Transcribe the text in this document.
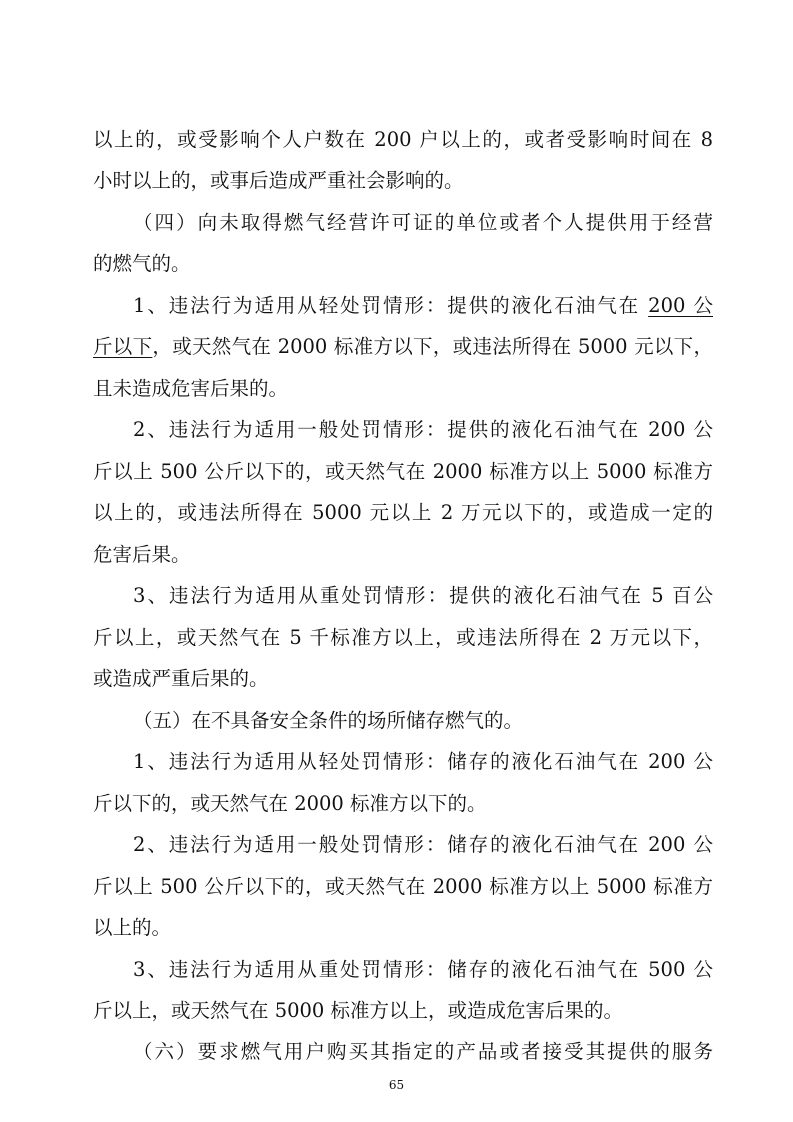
以上的，或受影响个人户数在 200 户以上的，或者受影响时间在 8
小时以上的，或事后造成严重社会影响的。
（四）向未取得燃气经营许可证的单位或者个人提供用于经营
的燃气的。
1、违法行为适用从轻处罚情形：提供的液化石油气在 200 公
斤以下，或天然气在 2000 标准方以下，或违法所得在 5000 元以下，
且未造成危害后果的。
2、违法行为适用一般处罚情形：提供的液化石油气在 200 公
斤以上 500 公斤以下的，或天然气在 2000 标准方以上 5000 标准方
以上的，或违法所得在 5000 元以上 2 万元以下的，或造成一定的
危害后果。
3、违法行为适用从重处罚情形：提供的液化石油气在 5 百公
斤以上，或天然气在 5 千标准方以上，或违法所得在 2 万元以下，
或造成严重后果的。
（五）在不具备安全条件的场所储存燃气的。
1、违法行为适用从轻处罚情形：储存的液化石油气在 200 公
斤以下的，或天然气在 2000 标准方以下的。
2、违法行为适用一般处罚情形：储存的液化石油气在 200 公
斤以上 500 公斤以下的，或天然气在 2000 标准方以上 5000 标准方
以上的。
3、违法行为适用从重处罚情形：储存的液化石油气在 500 公
斤以上，或天然气在 5000 标准方以上，或造成危害后果的。
（六）要求燃气用户购买其指定的产品或者接受其提供的服务
65
